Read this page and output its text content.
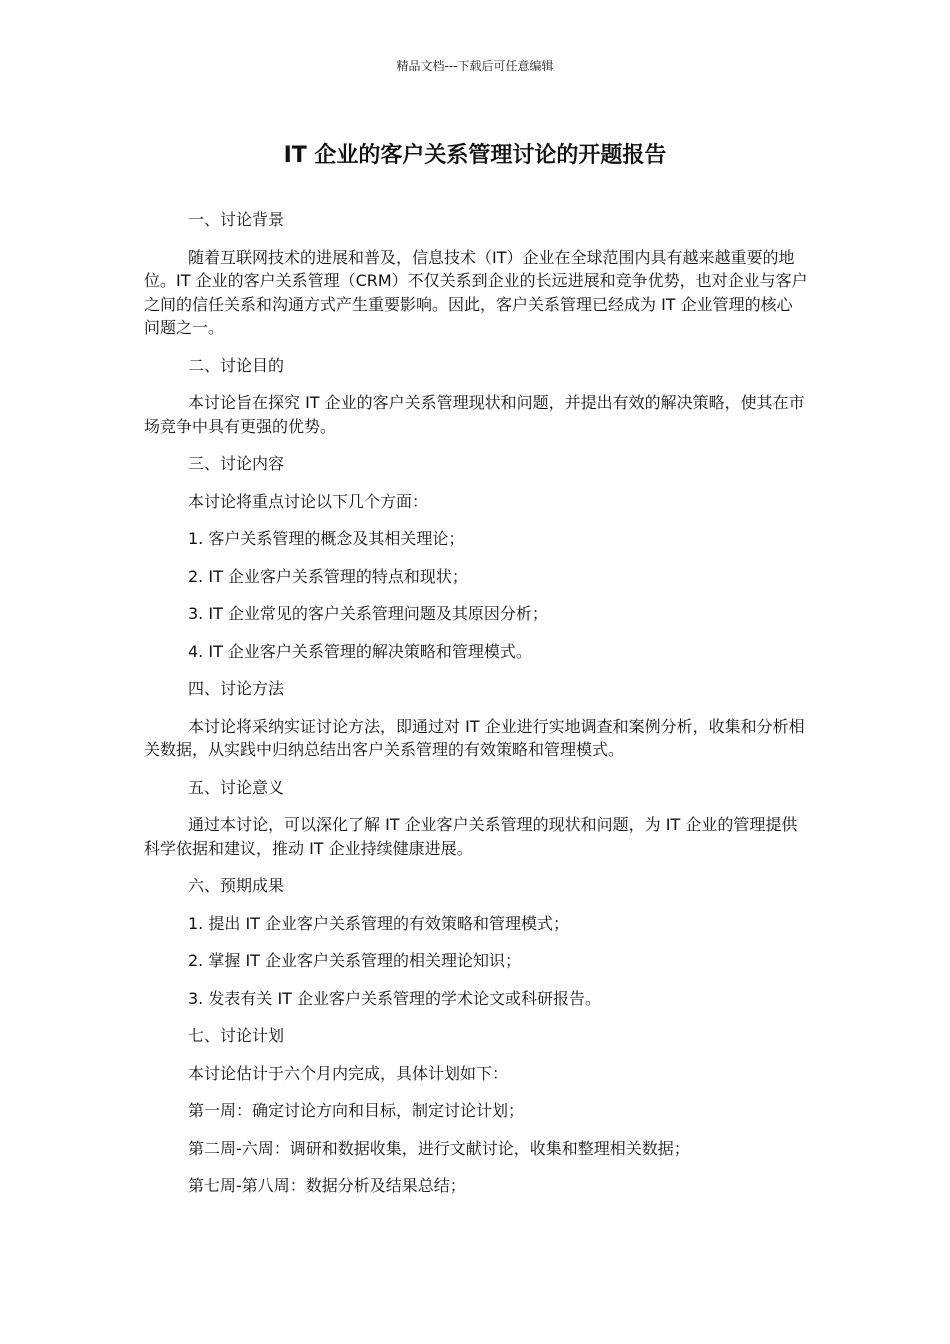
精品文档---下载后可任意编辑
IT 企业的客户关系管理讨论的开题报告

一、讨论背景

随着互联网技术的进展和普及，信息技术（IT）企业在全球范围内具有越来越重要的地位。IT 企业的客户关系管理（CRM）不仅关系到企业的长远进展和竞争优势，也对企业与客户之间的信任关系和沟通方式产生重要影响。因此，客户关系管理已经成为 IT 企业管理的核心问题之一。

二、讨论目的

本讨论旨在探究 IT 企业的客户关系管理现状和问题，并提出有效的解决策略，使其在市场竞争中具有更强的优势。

三、讨论内容

本讨论将重点讨论以下几个方面：

1. 客户关系管理的概念及其相关理论；

2. IT 企业客户关系管理的特点和现状；

3. IT 企业常见的客户关系管理问题及其原因分析；

4. IT 企业客户关系管理的解决策略和管理模式。

四、讨论方法

本讨论将采纳实证讨论方法，即通过对 IT 企业进行实地调查和案例分析，收集和分析相关数据，从实践中归纳总结出客户关系管理的有效策略和管理模式。

五、讨论意义

通过本讨论，可以深化了解 IT 企业客户关系管理的现状和问题，为 IT 企业的管理提供科学依据和建议，推动 IT 企业持续健康进展。

六、预期成果

1. 提出 IT 企业客户关系管理的有效策略和管理模式；

2. 掌握 IT 企业客户关系管理的相关理论知识；

3. 发表有关 IT 企业客户关系管理的学术论文或科研报告。

七、讨论计划

本讨论估计于六个月内完成，具体计划如下：

第一周：确定讨论方向和目标，制定讨论计划；

第二周-六周：调研和数据收集，进行文献讨论，收集和整理相关数据；

第七周-第八周：数据分析及结果总结；
